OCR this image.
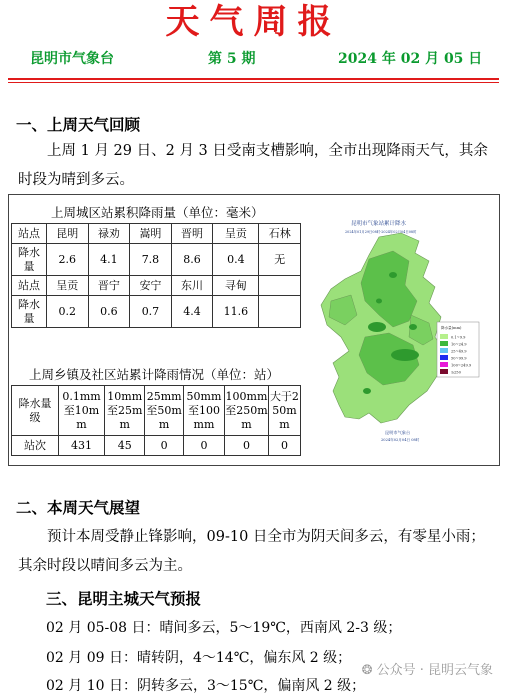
天气周报
昆明市气象台	第 5 期	2024 年 02 月 05 日
一、上周天气回顾
上周 1 月 29 日、2 月 3 日受南支槽影响，全市出现降雨天气，其余时段为晴到多云。
上周城区站累积降雨量（单位：毫米）
站点	昆明	禄劝	嵩明	晋明	呈贡	石林
降水量	2.6	4.1	7.8	8.6	0.4	无
站点	呈贡	晋宁	安宁	东川	寻甸	
降水量	0.2	0.6	0.7	4.4	11.6	
上周乡镇及社区站累计降雨情况（单位：站）
降水量级	0.1mm至10mm	10mm至25mm	25mm至50mm	50mm至100mm	100mm至250mm	大于250mm
站次	431	45	0	0	0	0
昆明市气象站累计降水
2024年01月29日08时-2024年02月04日08时
降水量(mm)
0.1~9.9
10~24.9
25~49.9
50~99.9
100~249.9
≥250
昆明市气象台
2024年02月04日 08时
二、本周天气展望
预计本周受静止锋影响，09-10 日全市为阴天间多云，有零星小雨；其余时段以晴间多云为主。
三、昆明主城天气预报
02 月 05-08 日：晴间多云，5～19℃，西南风 2-3 级；
02 月 09 日：晴转阴，4～14℃，偏东风 2 级；
02 月 10 日：阴转多云，3～15℃，偏南风 2 级；
❂ 公众号 · 昆明云气象
